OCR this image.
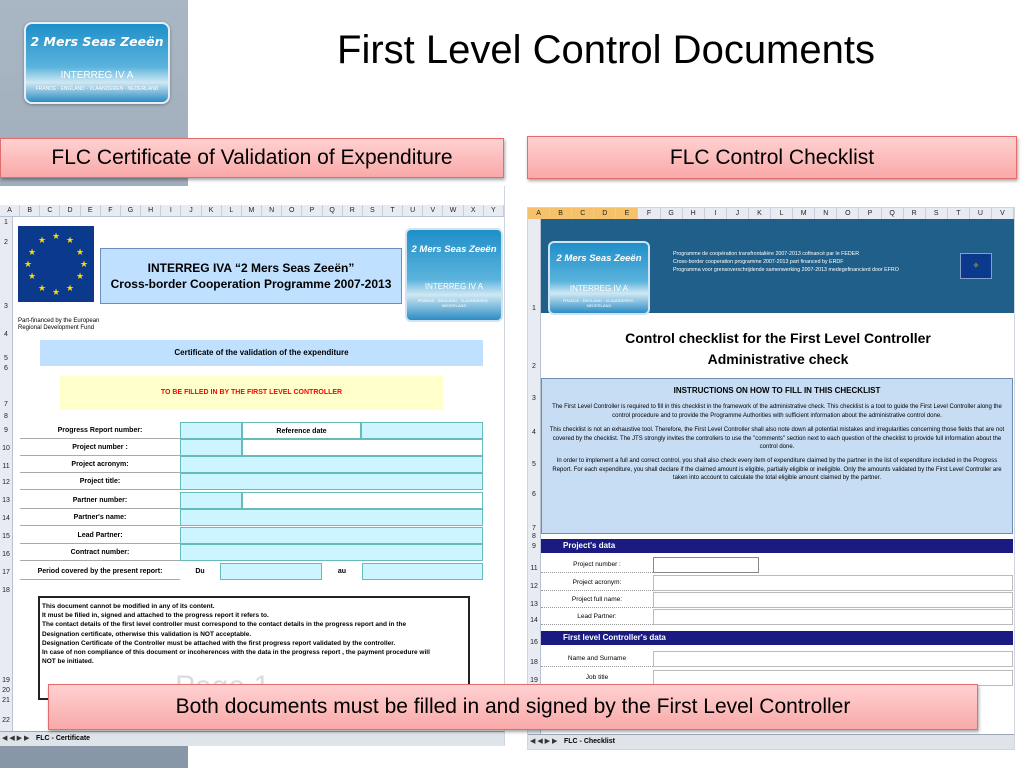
2 Mers Seas Zeeën
INTERREG IV A
FRANCE - ENGLAND - VLAANDEREN - NEDERLAND
First Level Control Documents
A	B	C	D	E	F	G	H	I	J	K	L	M	N	O	P	Q	R	S	T	U	V	W	X	Y
1
2
3
4
5
6
7
8
9
10
11
12
13
14
15
16
17
18
19
20
21
22
★ ★
★
★
★
★
★
★
★
★
★
★
Part-financed by the European Regional Development Fund
INTERREG IVA “2 Mers Seas Zeeën”
Cross-border Cooperation Programme 2007-2013
2 Mers Seas Zeeën
INTERREG IV A
FRANCE - ENGLAND - VLAANDEREN - NEDERLAND
Certificate of the validation of the expenditure
TO BE FILLED IN BY THE FIRST LEVEL CONTROLLER
Progress Report number:	Reference date
Project number :
Project acronym:
Project title:
Partner number:
Partner's name:
Lead Partner:
Contract number:
Period covered by the present report:	Du	au
This document cannot be modified in any of its content.
It must be filled in, signed and attached to the progress report it refers to.
The contact details of the first level controller must correspond to the contact details in the progress report and in the
Designation certificate, otherwise this validation is NOT acceptable.
Designation Certificate of the Controller must be attached with the first progress report validated by the controller.
In case of non compliance of this document or incoherences with the data in the progress report , the payment procedure will
NOT be initiated.
◀ ◀ ▶ ▶ FLC - Certificate
A	B	C	D	E	F	G	H	I	J	K	L	M	N	O	P	Q	R	S	T	U	V
1
2
3
4
5
6
7
8
9
11
12
13
14
16
18
19
2 Mers Seas Zeeën
INTERREG IV A
FRANCE - ENGLAND - VLAANDEREN - NEDERLAND
Programme de coopération transfrontalière 2007-2013 cofinancé par le FEDER
Cross-border cooperation programme 2007-2013 part financed by ERDF
Programma voor grensoverschrijdende samenwerking 2007-2013 medegefinancierd door EFRO	✧
Control checklist for the First Level Controller
Administrative check
INSTRUCTIONS ON HOW TO FILL IN THIS CHECKLIST

The First Level Controller is required to fill in this checklist in the framework of the administrative check. This checklist is a tool to guide the First Level Controller along the control procedure and to provide the Programme Authorities with sufficient information about the administrative control done.

This checklist is not an exhaustive tool. Therefore, the First Level Controller shall also note down all potential mistakes and irregularities concerning those fields that are not covered by the checklist. The JTS strongly invites the controllers to use the "comments" section next to each question of the checklist to provide full information about the control done.

In order to implement a full and correct control, you shall also check every item of expenditure claimed by the partner in the list of expenditure included in the Progress Report. For each expenditure, you shall declare if the claimed amount is eligible, partially eligible or ineligible. Only the amounts validated by the First Level Controller are taken into account to calculate the total eligible amount claimed by the partner.

Project's data
Project number :
Project acronym:
Project full name:
Lead Partner:
First level Controller's data
Name and Surname
Job title
◀ ◀ ▶ ▶ FLC - Checklist
FLC Certificate of Validation of Expenditure	FLC Control Checklist
Both documents must be filled in and signed by the First Level Controller
